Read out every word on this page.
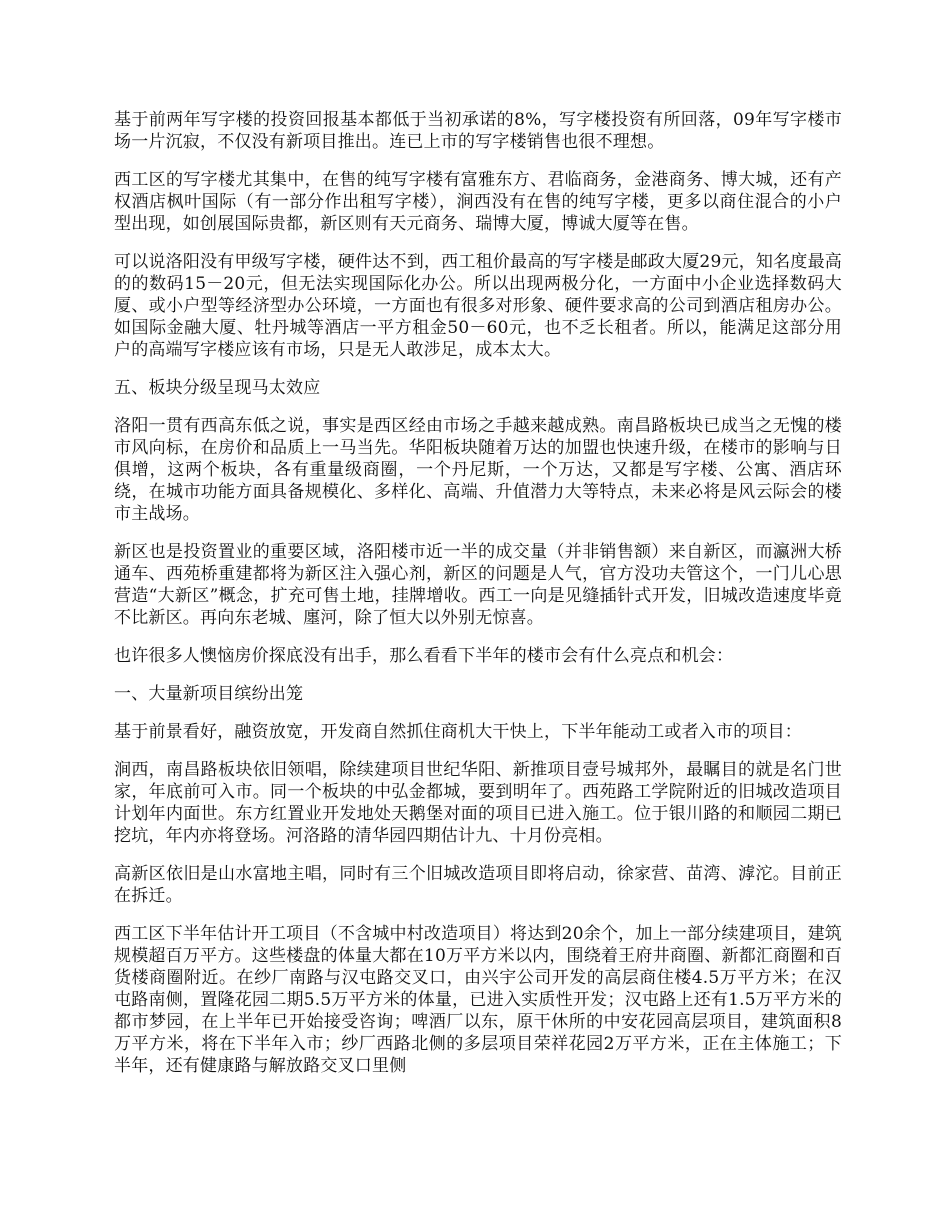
基于前两年写字楼的投资回报基本都低于当初承诺的8%，写字楼投资有所回落，09年写字楼市场一片沉寂，不仅没有新项目推出。连已上市的写字楼销售也很不理想。

西工区的写字楼尤其集中，在售的纯写字楼有富雅东方、君临商务，金港商务、博大城，还有产权酒店枫叶国际（有一部分作出租写字楼），涧西没有在售的纯写字楼，更多以商住混合的小户型出现，如创展国际贵都，新区则有天元商务、瑞博大厦，博诚大厦等在售。

可以说洛阳没有甲级写字楼，硬件达不到，西工租价最高的写字楼是邮政大厦29元，知名度最高的的数码15－20元，但无法实现国际化办公。所以出现两极分化，一方面中小企业选择数码大厦、或小户型等经济型办公环境，一方面也有很多对形象、硬件要求高的公司到酒店租房办公。如国际金融大厦、牡丹城等酒店一平方租金50－60元，也不乏长租者。所以，能满足这部分用户的高端写字楼应该有市场，只是无人敢涉足，成本太大。

五、板块分级呈现马太效应

洛阳一贯有西高东低之说，事实是西区经由市场之手越来越成熟。南昌路板块已成当之无愧的楼市风向标，在房价和品质上一马当先。华阳板块随着万达的加盟也快速升级，在楼市的影响与日俱增，这两个板块，各有重量级商圈，一个丹尼斯，一个万达，又都是写字楼、公寓、酒店环绕，在城市功能方面具备规模化、多样化、高端、升值潜力大等特点，未来必将是风云际会的楼市主战场。

新区也是投资置业的重要区域，洛阳楼市近一半的成交量（并非销售额）来自新区，而瀛洲大桥通车、西苑桥重建都将为新区注入强心剂，新区的问题是人气，官方没功夫管这个，一门儿心思营造“大新区”概念，扩充可售土地，挂牌增收。西工一向是见缝插针式开发，旧城改造速度毕竟不比新区。再向东老城、廛河，除了恒大以外别无惊喜。

也许很多人懊恼房价探底没有出手，那么看看下半年的楼市会有什么亮点和机会：

一、大量新项目缤纷出笼

基于前景看好，融资放宽，开发商自然抓住商机大干快上，下半年能动工或者入市的项目：

涧西，南昌路板块依旧领唱，除续建项目世纪华阳、新推项目壹号城邦外，最瞩目的就是名门世家，年底前可入市。同一个板块的中弘金都城，要到明年了。西苑路工学院附近的旧城改造项目计划年内面世。东方红置业开发地处天鹅堡对面的项目已进入施工。位于银川路的和顺园二期已挖坑，年内亦将登场。河洛路的清华园四期估计九、十月份亮相。

高新区依旧是山水富地主唱，同时有三个旧城改造项目即将启动，徐家营、苗湾、滹沱。目前正在拆迁。

西工区下半年估计开工项目（不含城中村改造项目）将达到20余个，加上一部分续建项目，建筑规模超百万平方。这些楼盘的体量大都在10万平方米以内，围绕着王府井商圈、新都汇商圈和百货楼商圈附近。在纱厂南路与汉屯路交叉口，由兴宇公司开发的高层商住楼4.5万平方米；在汉屯路南侧，置隆花园二期5.5万平方米的体量，已进入实质性开发；汉屯路上还有1.5万平方米的都市梦园，在上半年已开始接受咨询；啤酒厂以东，原干休所的中安花园高层项目，建筑面积8万平方米，将在下半年入市；纱厂西路北侧的多层项目荣祥花园2万平方米，正在主体施工；下半年，还有健康路与解放路交叉口里侧
